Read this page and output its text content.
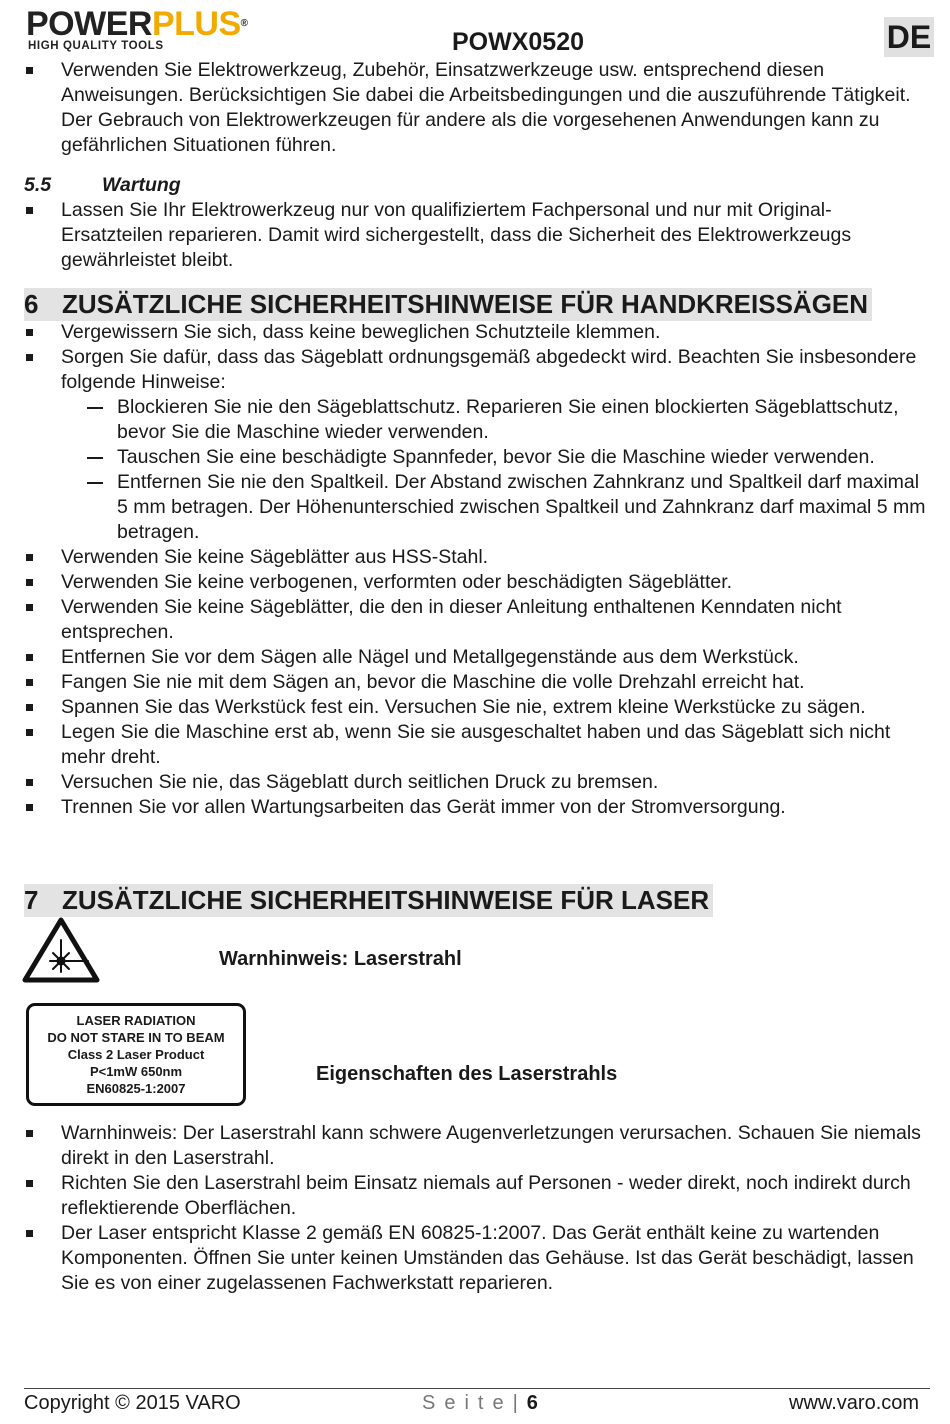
POWERPLUS®
HIGH QUALITY TOOLS	POWX0520	DE
Verwenden Sie Elektrowerkzeug, Zubehör, Einsatzwerkzeuge usw. entsprechend diesen Anweisungen. Berücksichtigen Sie dabei die Arbeitsbedingungen und die auszuführende Tätigkeit. Der Gebrauch von Elektrowerkzeugen für andere als die vorgesehenen Anwendungen kann zu gefährlichen Situationen führen.
5.5	Wartung
Lassen Sie Ihr Elektrowerkzeug nur von qualifiziertem Fachpersonal und nur mit Original-Ersatzteilen reparieren. Damit wird sichergestellt, dass die Sicherheit des Elektrowerkzeugs gewährleistet bleibt.
6 ZUSÄTZLICHE SICHERHEITSHINWEISE FÜR HANDKREISSÄGEN
Vergewissern Sie sich, dass keine beweglichen Schutzteile klemmen.
Sorgen Sie dafür, dass das Sägeblatt ordnungsgemäß abgedeckt wird. Beachten Sie insbesondere folgende Hinweise:
Blockieren Sie nie den Sägeblattschutz. Reparieren Sie einen blockierten Sägeblattschutz, bevor Sie die Maschine wieder verwenden.
Tauschen Sie eine beschädigte Spannfeder, bevor Sie die Maschine wieder verwenden.
Entfernen Sie nie den Spaltkeil. Der Abstand zwischen Zahnkranz und Spaltkeil darf maximal 5 mm betragen. Der Höhenunterschied zwischen Spaltkeil und Zahnkranz darf maximal 5 mm betragen.
Verwenden Sie keine Sägeblätter aus HSS-Stahl.
Verwenden Sie keine verbogenen, verformten oder beschädigten Sägeblätter.
Verwenden Sie keine Sägeblätter, die den in dieser Anleitung enthaltenen Kenndaten nicht entsprechen.
Entfernen Sie vor dem Sägen alle Nägel und Metallgegenstände aus dem Werkstück.
Fangen Sie nie mit dem Sägen an, bevor die Maschine die volle Drehzahl erreicht hat.
Spannen Sie das Werkstück fest ein. Versuchen Sie nie, extrem kleine Werkstücke zu sägen.
Legen Sie die Maschine erst ab, wenn Sie sie ausgeschaltet haben und das Sägeblatt sich nicht mehr dreht.
Versuchen Sie nie, das Sägeblatt durch seitlichen Druck zu bremsen.
Trennen Sie vor allen Wartungsarbeiten das Gerät immer von der Stromversorgung.
7 ZUSÄTZLICHE SICHERHEITSHINWEISE FÜR LASER
Warnhinweis: Laserstrahl
LASER RADIATION
DO NOT STARE IN TO BEAM
Class 2 Laser Product
P<1mW 650nm
EN60825-1:2007
Eigenschaften des Laserstrahls
Warnhinweis: Der Laserstrahl kann schwere Augenverletzungen verursachen. Schauen Sie niemals direkt in den Laserstrahl.
Richten Sie den Laserstrahl beim Einsatz niemals auf Personen - weder direkt, noch indirekt durch reflektierende Oberflächen.
Der Laser entspricht Klasse 2 gemäß EN 60825-1:2007. Das Gerät enthält keine zu wartenden Komponenten. Öffnen Sie unter keinen Umständen das Gehäuse. Ist das Gerät beschädigt, lassen Sie es von einer zugelassenen Fachwerkstatt reparieren.
Copyright © 2015 VARO	Seite|6	www.varo.com
